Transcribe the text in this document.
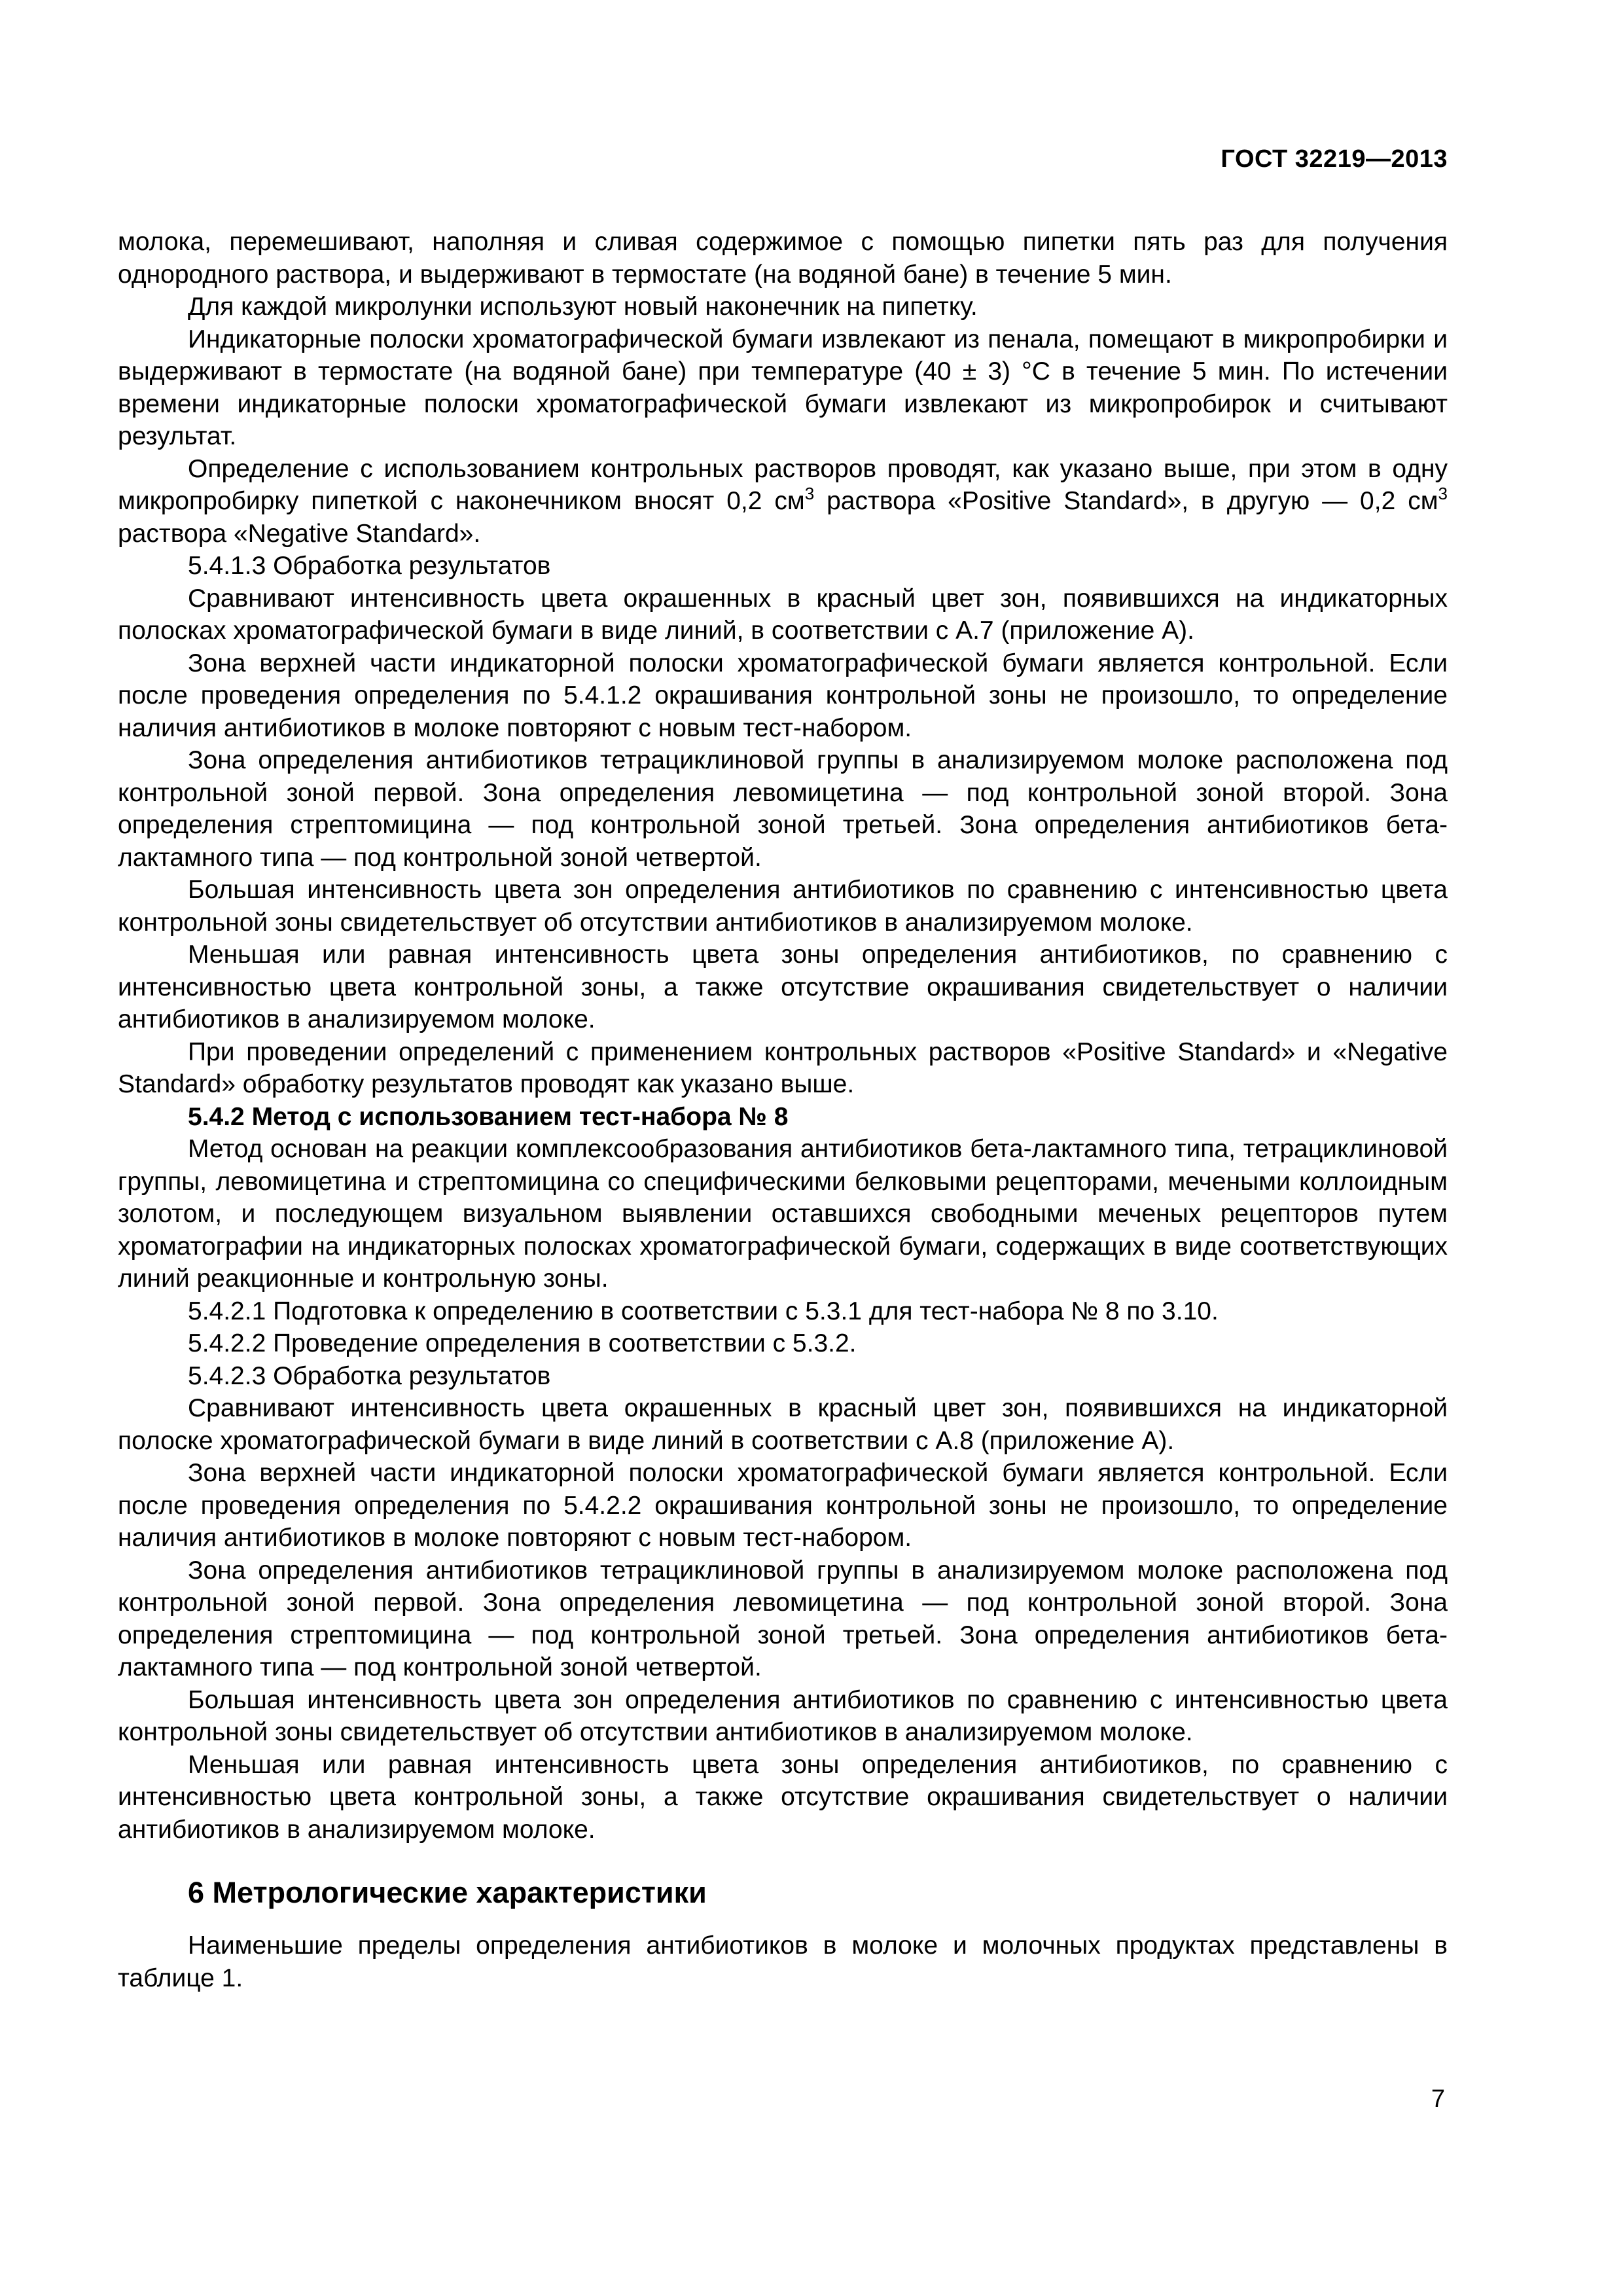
ГОСТ 32219—2013

молока, перемешивают, наполняя и сливая содержимое с помощью пипетки пять раз для получения однородного раствора, и выдерживают в термостате (на водяной бане) в течение 5 мин.

Для каждой микролунки используют новый наконечник на пипетку.

Индикаторные полоски хроматографической бумаги извлекают из пенала, помещают в микропробирки и выдерживают в термостате (на водяной бане) при температуре (40 ± 3) °С в течение 5 мин. По истечении времени индикаторные полоски хроматографической бумаги извлекают из микропробирок и считывают результат.

Определение с использованием контрольных растворов проводят, как указано выше, при этом в одну микропробирку пипеткой с наконечником вносят 0,2 $см^3$ раствора «Positive Standard», в другую — 0,2 $см^3$ раствора «Negative Standard».

5.4.1.3 Обработка результатов

Сравнивают интенсивность цвета окрашенных в красный цвет зон, появившихся на индикаторных полосках хроматографической бумаги в виде линий, в соответствии с А.7 (приложение А).

Зона верхней части индикаторной полоски хроматографической бумаги является контрольной. Если после проведения определения по 5.4.1.2 окрашивания контрольной зоны не произошло, то определение наличия антибиотиков в молоке повторяют с новым тест-набором.

Зона определения антибиотиков тетрациклиновой группы в анализируемом молоке расположена под контрольной зоной первой. Зона определения левомицетина — под контрольной зоной второй. Зона определения стрептомицина — под контрольной зоной третьей. Зона определения антибиотиков бета-лактамного типа — под контрольной зоной четвертой.

Большая интенсивность цвета зон определения антибиотиков по сравнению с интенсивностью цвета контрольной зоны свидетельствует об отсутствии антибиотиков в анализируемом молоке.

Меньшая или равная интенсивность цвета зоны определения антибиотиков, по сравнению с интенсивностью цвета контрольной зоны, а также отсутствие окрашивания свидетельствует о наличии антибиотиков в анализируемом молоке.

При проведении определений с применением контрольных растворов «Positive Standard» и «Negative Standard» обработку результатов проводят как указано выше.

5.4.2 Метод с использованием тест-набора № 8

Метод основан на реакции комплексообразования антибиотиков бета-лактамного типа, тетрациклиновой группы, левомицетина и стрептомицина со специфическими белковыми рецепторами, мечеными коллоидным золотом, и последующем визуальном выявлении оставшихся свободными меченых рецепторов путем хроматографии на индикаторных полосках хроматографической бумаги, содержащих в виде соответствующих линий реакционные и контрольную зоны.

5.4.2.1 Подготовка к определению в соответствии с 5.3.1 для тест-набора № 8 по 3.10.

5.4.2.2 Проведение определения в соответствии с 5.3.2.

5.4.2.3 Обработка результатов

Сравнивают интенсивность цвета окрашенных в красный цвет зон, появившихся на индикаторной полоске хроматографической бумаги в виде линий в соответствии с А.8 (приложение А).

Зона верхней части индикаторной полоски хроматографической бумаги является контрольной. Если после проведения определения по 5.4.2.2 окрашивания контрольной зоны не произошло, то определение наличия антибиотиков в молоке повторяют с новым тест-набором.

Зона определения антибиотиков тетрациклиновой группы в анализируемом молоке расположена под контрольной зоной первой. Зона определения левомицетина — под контрольной зоной второй. Зона определения стрептомицина — под контрольной зоной третьей. Зона определения антибиотиков бета-лактамного типа — под контрольной зоной четвертой.

Большая интенсивность цвета зон определения антибиотиков по сравнению с интенсивностью цвета контрольной зоны свидетельствует об отсутствии антибиотиков в анализируемом молоке.

Меньшая или равная интенсивность цвета зоны определения антибиотиков, по сравнению с интенсивностью цвета контрольной зоны, а также отсутствие окрашивания свидетельствует о наличии антибиотиков в анализируемом молоке.

6 Метрологические характеристики

Наименьшие пределы определения антибиотиков в молоке и молочных продуктах представлены в таблице 1.

7
